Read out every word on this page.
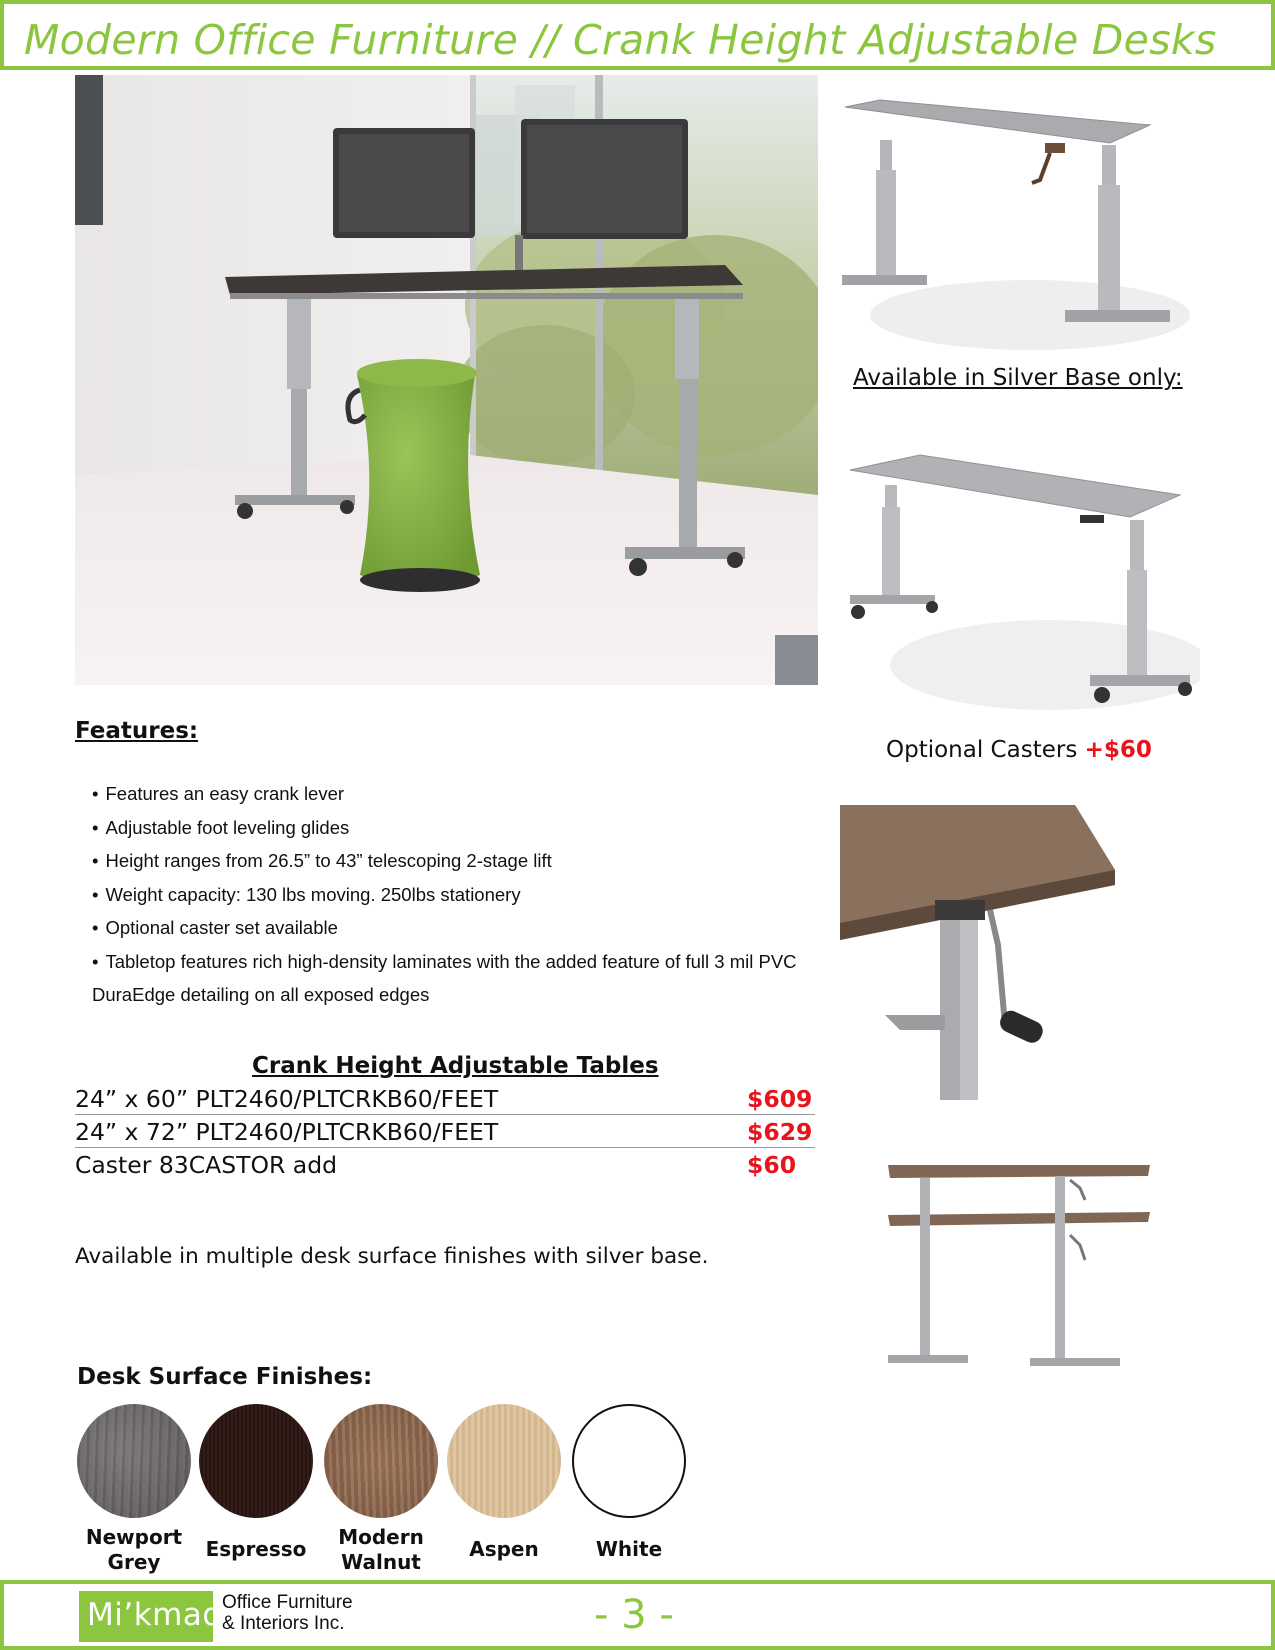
Modern Office Furniture // Crank Height Adjustable Desks
Available in Silver Base only:
Optional Casters +$60
Features:
• Features an easy crank lever
• Adjustable foot leveling glides
• Height ranges from 26.5” to 43” telescoping 2-stage lift
• Weight capacity: 130 lbs moving. 250lbs stationery
• Optional caster set available
• Tabletop features rich high-density laminates with the added feature of full 3 mil PVC DuraEdge detailing on all exposed edges
Crank Height Adjustable Tables
24” x 60” PLT2460/PLTCRKB60/FEET	$609
24” x 72” PLT2460/PLTCRKB60/FEET	$629
Caster 83CASTOR add	$60
Available in multiple desk surface finishes with silver base.
Desk Surface Finishes:
Newport
Grey
Espresso	Modern
Walnut
Aspen	White
Mi’kmaq Office Furniture
& Interiors Inc.	- 3 -
